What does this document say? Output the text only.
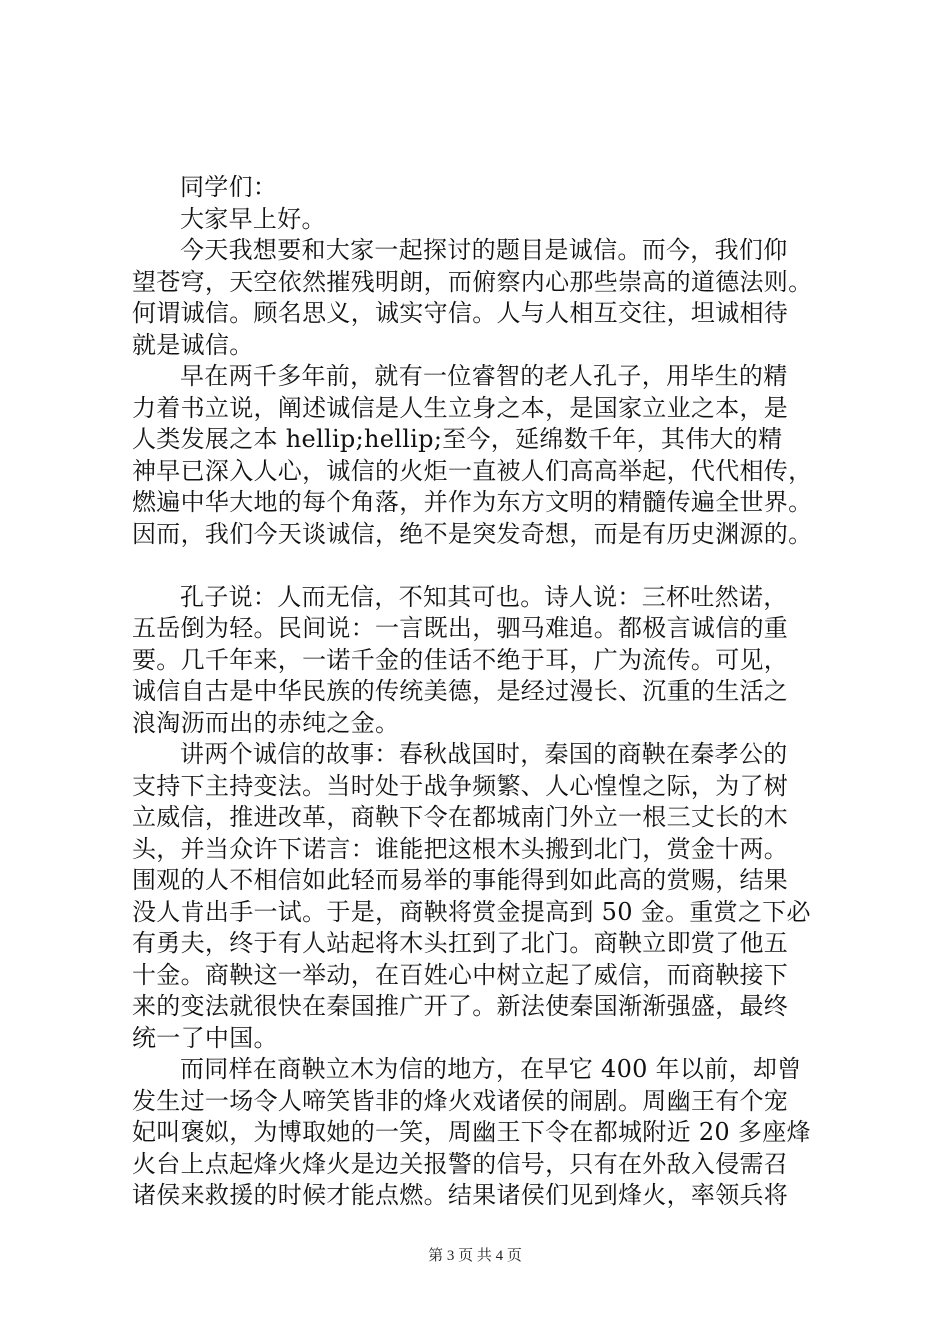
同学们：
大家早上好。
今天我想要和大家一起探讨的题目是诚信。而今，我们仰
望苍穹，天空依然摧残明朗，而俯察内心那些崇高的道德法则。
何谓诚信。顾名思义，诚实守信。人与人相互交往，坦诚相待
就是诚信。
早在两千多年前，就有一位睿智的老人孔子，用毕生的精
力着书立说，阐述诚信是人生立身之本，是国家立业之本，是
人类发展之本 hellip;hellip;至今，延绵数千年，其伟大的精
神早已深入人心，诚信的火炬一直被人们高高举起，代代相传，
燃遍中华大地的每个角落，并作为东方文明的精髓传遍全世界。
因而，我们今天谈诚信，绝不是突发奇想，而是有历史渊源的。
孔子说：人而无信，不知其可也。诗人说：三杯吐然诺，
五岳倒为轻。民间说：一言既出，驷马难追。都极言诚信的重
要。几千年来，一诺千金的佳话不绝于耳，广为流传。可见，
诚信自古是中华民族的传统美德，是经过漫长、沉重的生活之
浪淘沥而出的赤纯之金。
讲两个诚信的故事：春秋战国时，秦国的商鞅在秦孝公的
支持下主持变法。当时处于战争频繁、人心惶惶之际，为了树
立威信，推进改革，商鞅下令在都城南门外立一根三丈长的木
头，并当众许下诺言：谁能把这根木头搬到北门，赏金十两。
围观的人不相信如此轻而易举的事能得到如此高的赏赐，结果
没人肯出手一试。于是，商鞅将赏金提高到 50 金。重赏之下必
有勇夫，终于有人站起将木头扛到了北门。商鞅立即赏了他五
十金。商鞅这一举动，在百姓心中树立起了威信，而商鞅接下
来的变法就很快在秦国推广开了。新法使秦国渐渐强盛，最终
统一了中国。
而同样在商鞅立木为信的地方，在早它 400 年以前，却曾
发生过一场令人啼笑皆非的烽火戏诸侯的闹剧。周幽王有个宠
妃叫褒姒，为博取她的一笑，周幽王下令在都城附近 20 多座烽
火台上点起烽火烽火是边关报警的信号，只有在外敌入侵需召
诸侯来救援的时候才能点燃。结果诸侯们见到烽火，率领兵将
第 3 页 共 4 页
